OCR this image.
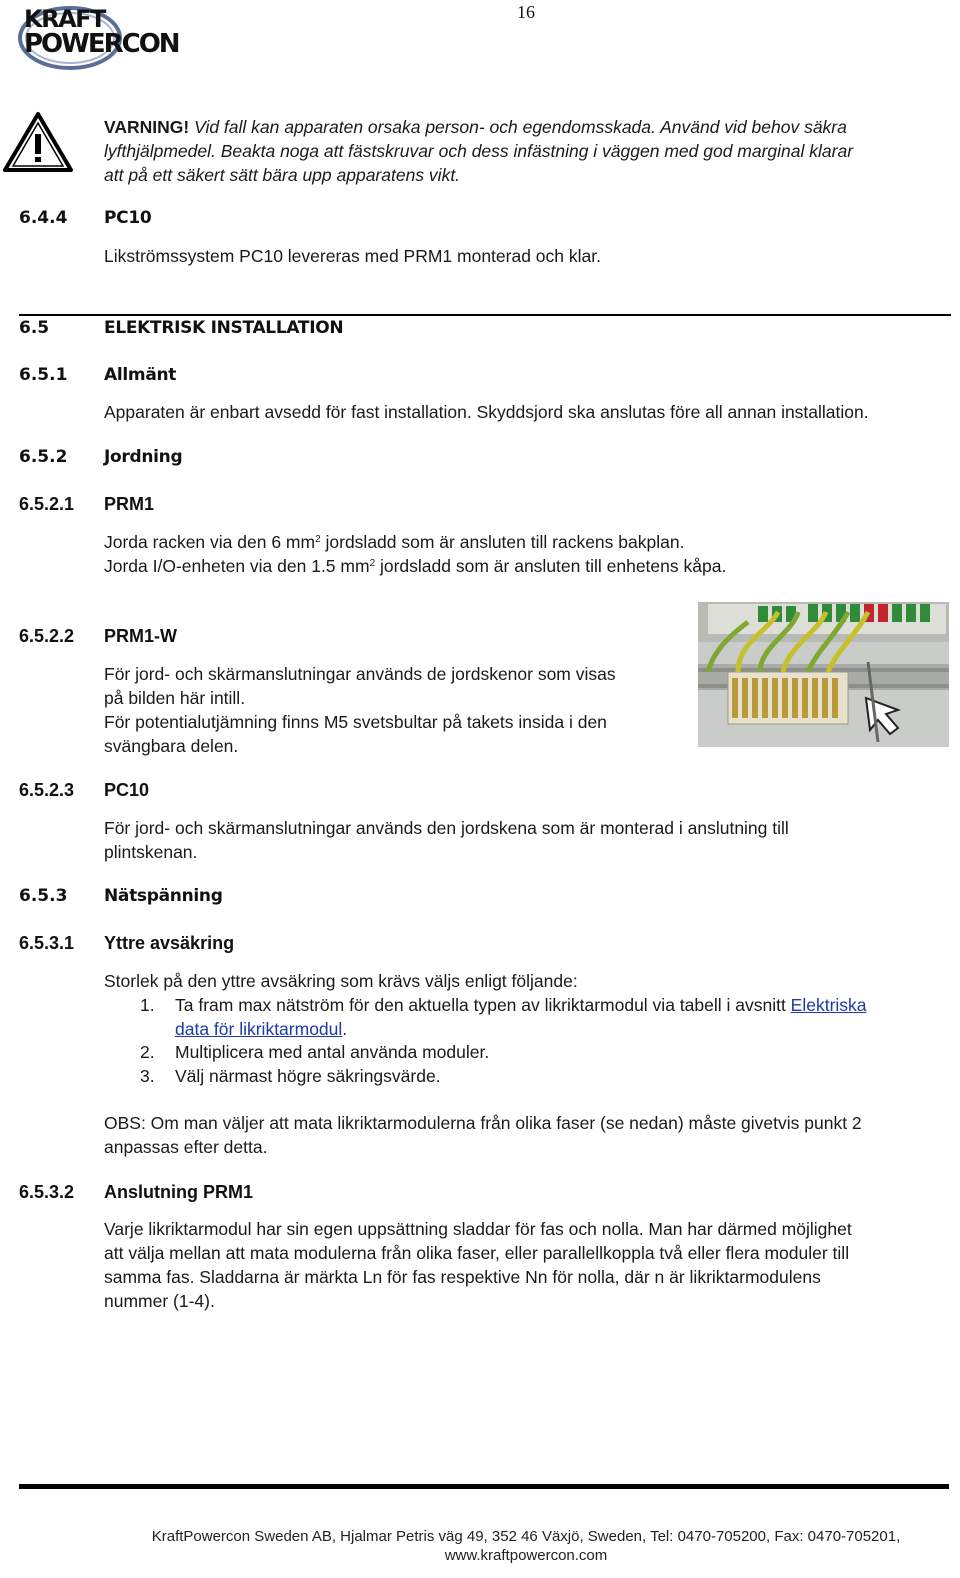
16
KRAFT
POWERCON
VARNING! Vid fall kan apparaten orsaka person- och egendomsskada. Använd vid behov säkra
lyfthjälpmedel. Beakta noga att fästskruvar och dess infästning i väggen med god marginal klarar
att på ett säkert sätt bära upp apparatens vikt.
6.4.4 PC10
Likströmssystem PC10 levereras med PRM1 monterad och klar.
6.5	ELEKTRISK INSTALLATION
6.5.1 Allmänt
Apparaten är enbart avsedd för fast installation. Skyddsjord ska anslutas före all annan installation.
6.5.2 Jordning
6.5.2.1 PRM1
Jorda racken via den 6 $mm^2$ jordsladd som är ansluten till rackens bakplan.
Jorda I/O-enheten via den 1.5 $mm^2$ jordsladd som är ansluten till enhetens kåpa.
6.5.2.2 PRM1-W
För jord- och skärmanslutningar används de jordskenor som visas
på bilden här intill.
För potentialutjämning finns M5 svetsbultar på takets insida i den
svängbara delen.
6.5.2.3 PC10
För jord- och skärmanslutningar används den jordskena som är monterad i anslutning till
plintskenan.
6.5.3 Nätspänning
6.5.3.1 Yttre avsäkring
Storlek på den yttre avsäkring som krävs väljs enligt följande:
1. Ta fram max nätström för den aktuella typen av likriktarmodul via tabell i avsnitt Elektriska
data för likriktarmodul.
2. Multiplicera med antal använda moduler.
3. Välj närmast högre säkringsvärde.
OBS: Om man väljer att mata likriktarmodulerna från olika faser (se nedan) måste givetvis punkt 2
anpassas efter detta.
6.5.3.2 Anslutning PRM1
Varje likriktarmodul har sin egen uppsättning sladdar för fas och nolla. Man har därmed möjlighet
att välja mellan att mata modulerna från olika faser, eller parallellkoppla två eller flera moduler till
samma fas. Sladdarna är märkta Ln för fas respektive Nn för nolla, där n är likriktarmodulens
nummer (1-4).
KraftPowercon Sweden AB, Hjalmar Petris väg 49, 352 46 Växjö, Sweden, Tel: 0470-705200, Fax: 0470-705201,
www.kraftpowercon.com
